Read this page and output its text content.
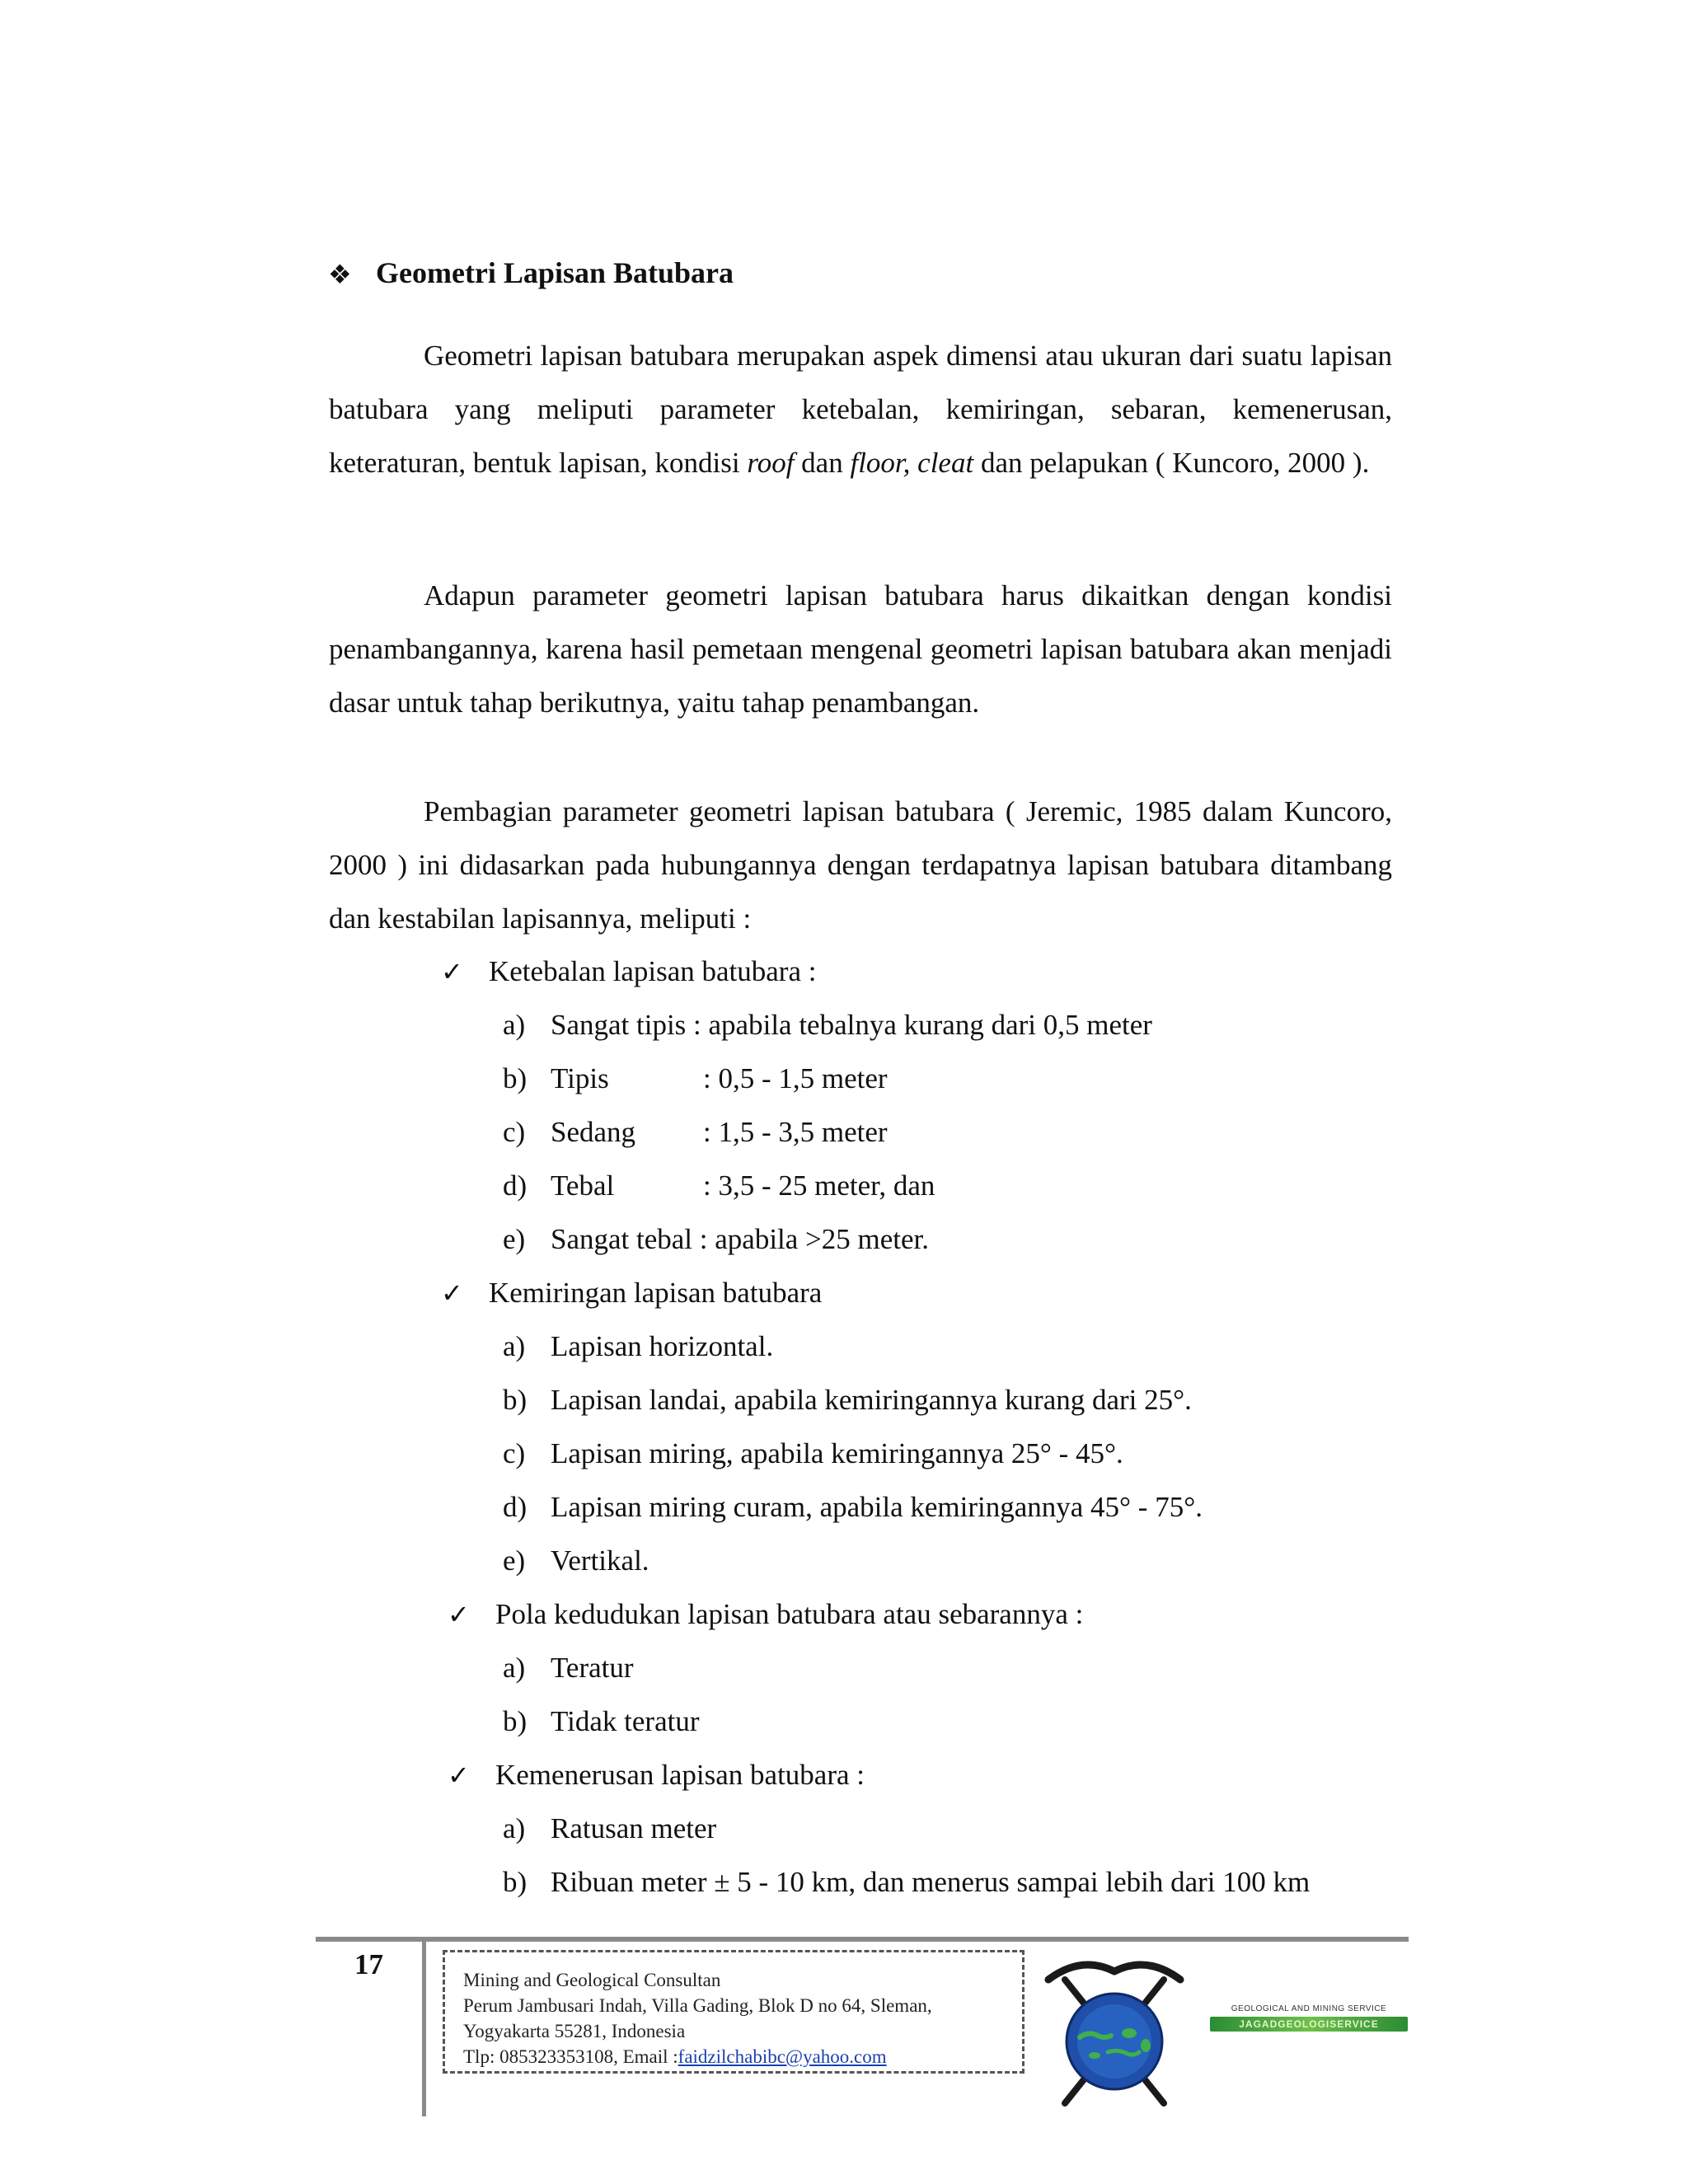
❖ Geometri Lapisan Batubara

Geometri lapisan batubara merupakan aspek dimensi atau ukuran dari suatu lapisan batubara yang meliputi parameter ketebalan, kemiringan, sebaran, kemenerusan, keteraturan, bentuk lapisan, kondisi roof dan floor, cleat dan pelapukan ( Kuncoro, 2000 ).

Adapun parameter geometri lapisan batubara harus dikaitkan dengan kondisi penambangannya, karena hasil pemetaan mengenal geometri lapisan batubara akan menjadi dasar untuk tahap berikutnya, yaitu tahap penambangan.

Pembagian parameter geometri lapisan batubara ( Jeremic, 1985 dalam Kuncoro, 2000 ) ini didasarkan pada hubungannya dengan terdapatnya lapisan batubara ditambang dan kestabilan lapisannya, meliputi :

✓ Ketebalan lapisan batubara :
a) Sangat tipis : apabila tebalnya kurang dari 0,5 meter
b) Tipis	: 0,5 - 1,5 meter
c) Sedang : 1,5 - 3,5 meter
d) Tebal	: 3,5 - 25 meter, dan
e) Sangat tebal : apabila >25 meter.
✓ Kemiringan lapisan batubara
a) Lapisan horizontal.
b) Lapisan landai, apabila kemiringannya kurang dari 25°.
c) Lapisan miring, apabila kemiringannya 25° - 45°.
d) Lapisan miring curam, apabila kemiringannya 45° - 75°.
e) Vertikal.
✓ Pola kedudukan lapisan batubara atau sebarannya :
a) Teratur
b) Tidak teratur
✓ Kemenerusan lapisan batubara :
a) Ratusan meter
b) Ribuan meter ± 5 - 10 km, dan menerus sampai lebih dari 100 km
17	Mining and Geological Consultan
Perum Jambusari Indah, Villa Gading, Blok D no 64, Sleman,
Yogyakarta 55281, Indonesia
Tlp: 085323353108, Email :faidzilchabibc@yahoo.com
GEOLOGICAL AND MINING SERVICE
JAGADGEOLOGISERVICE
